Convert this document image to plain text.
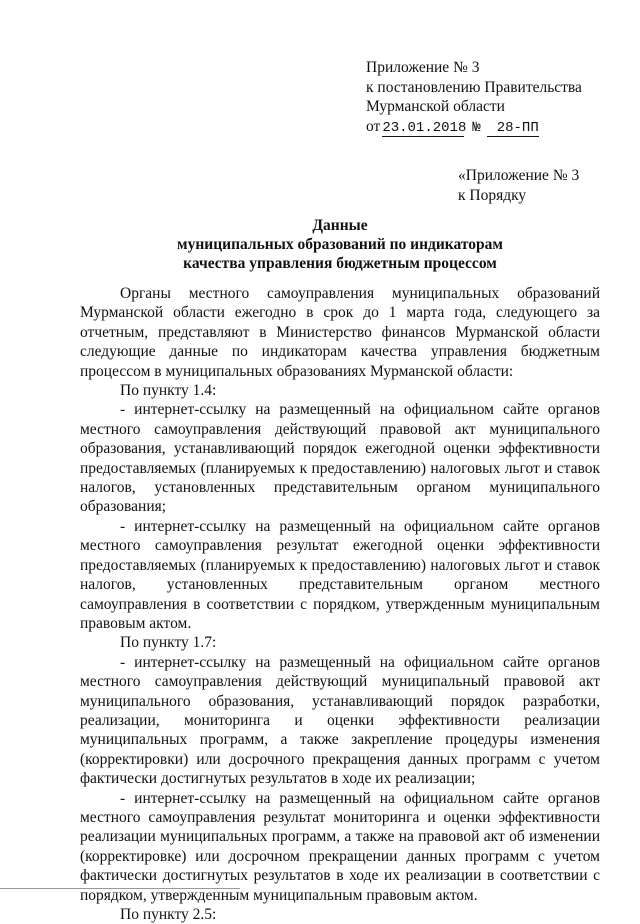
Приложение № 3
к постановлению Правительства
Мурманской области
от 23.01.2018 № 28-ПП
«Приложение № 3
к Порядку
Данные
муниципальных образований по индикаторам
качества управления бюджетным процессом

Органы местного самоуправления муниципальных образований Мурманской области ежегодно в срок до 1 марта года, следующего за отчетным, представляют в Министерство финансов Мурманской области следующие данные по индикаторам качества управления бюджетным процессом в муниципальных образованиях Мурманской области:

По пункту 1.4:

- интернет-ссылку на размещенный на официальном сайте органов местного самоуправления действующий правовой акт муниципального образования, устанавливающий порядок ежегодной оценки эффективности предоставляемых (планируемых к предоставлению) налоговых льгот и ставок налогов, установленных представительным органом муниципального образования;

- интернет-ссылку на размещенный на официальном сайте органов местного самоуправления результат ежегодной оценки эффективности предоставляемых (планируемых к предоставлению) налоговых льгот и ставок налогов, установленных представительным органом местного самоуправления в соответствии с порядком, утвержденным муниципальным правовым актом.

По пункту 1.7:

- интернет-ссылку на размещенный на официальном сайте органов местного самоуправления действующий муниципальный правовой акт муниципального образования, устанавливающий порядок разработки, реализации, мониторинга и оценки эффективности реализации муниципальных программ, а также закрепление процедуры изменения (корректировки) или досрочного прекращения данных программ с учетом фактически достигнутых результатов в ходе их реализации;

- интернет-ссылку на размещенный на официальном сайте органов местного самоуправления результат мониторинга и оценки эффективности реализации муниципальных программ, а также на правовой акт об изменении (корректировке) или досрочном прекращении данных программ с учетом фактически достигнутых результатов в ходе их реализации в соответствии с порядком, утвержденным муниципальным правовым актом.

По пункту 2.5:
